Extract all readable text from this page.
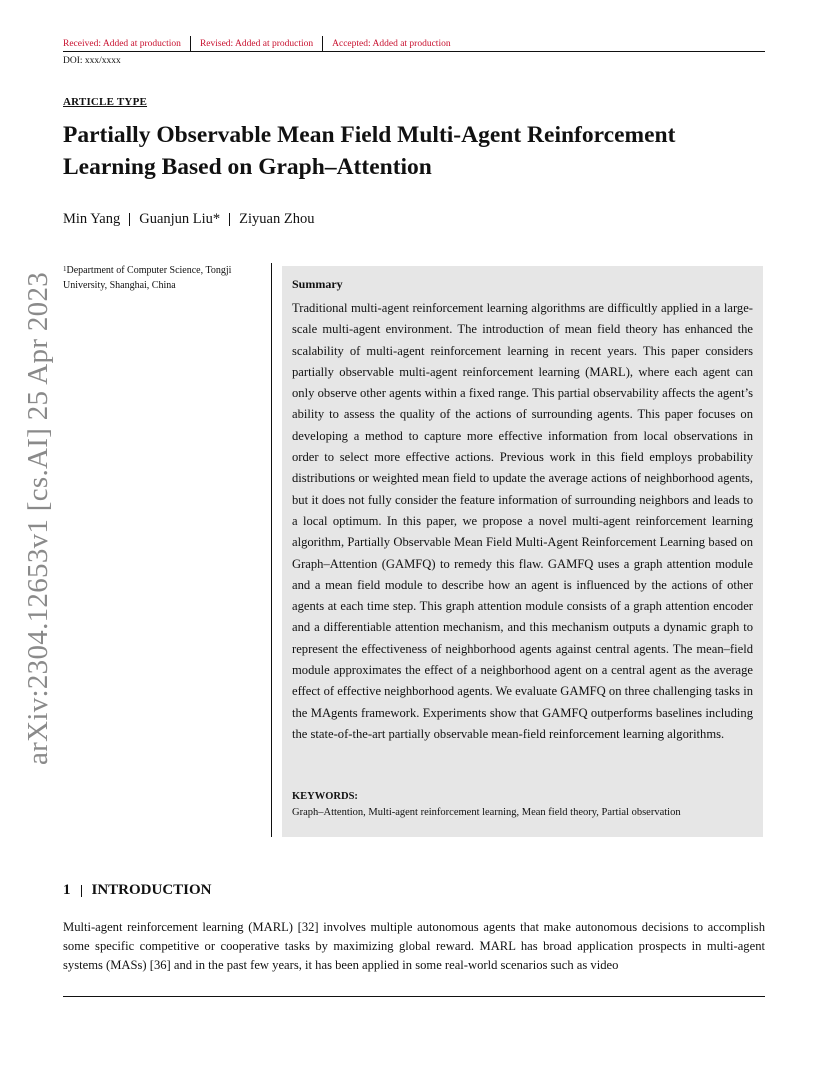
Received: Added at production	Revised: Added at production	Accepted: Added at production
DOI: xxx/xxxx
ARTICLE TYPE
Partially Observable Mean Field Multi-Agent Reinforcement Learning Based on Graph–Attention
Min Yang Guanjun Liu* Ziyuan Zhou
$^1$Department of Computer Science, Tongji University, Shanghai, China	Summary
Traditional multi-agent reinforcement learning algorithms are difficultly applied in a large-scale multi-agent environment. The introduction of mean field theory has enhanced the scalability of multi-agent reinforcement learning in recent years. This paper considers partially observable multi-agent reinforcement learning (MARL), where each agent can only observe other agents within a fixed range. This partial observability affects the agent’s ability to assess the quality of the actions of surrounding agents. This paper focuses on developing a method to capture more effective information from local observations in order to select more effective actions. Previous work in this field employs probability distributions or weighted mean field to update the average actions of neighborhood agents, but it does not fully consider the feature information of surrounding neighbors and leads to a local optimum. In this paper, we propose a novel multi-agent reinforcement learning algorithm, Partially Observable Mean Field Multi-Agent Reinforcement Learning based on Graph–Attention (GAMFQ) to remedy this flaw. GAMFQ uses a graph attention module and a mean field module to describe how an agent is influenced by the actions of other agents at each time step. This graph attention module consists of a graph attention encoder and a differentiable attention mechanism, and this mechanism outputs a dynamic graph to represent the effectiveness of neighborhood agents against central agents. The mean–field module approximates the effect of a neighborhood agent on a central agent as the average effect of effective neighborhood agents. We evaluate GAMFQ on three challenging tasks in the MAgents framework. Experiments show that GAMFQ outperforms baselines including the state-of-the-art partially observable mean-field reinforcement learning algorithms.
KEYWORDS:
Graph–Attention, Multi-agent reinforcement learning, Mean field theory, Partial observation
arXiv:2304.12653v1 [cs.AI] 25 Apr 2023
1 INTRODUCTION
Multi-agent reinforcement learning (MARL) [32] involves multiple autonomous agents that make autonomous decisions to accomplish some specific competitive or cooperative tasks by maximizing global reward. MARL has broad application prospects in multi-agent systems (MASs) [36] and in the past few years, it has been applied in some real-world scenarios such as video
